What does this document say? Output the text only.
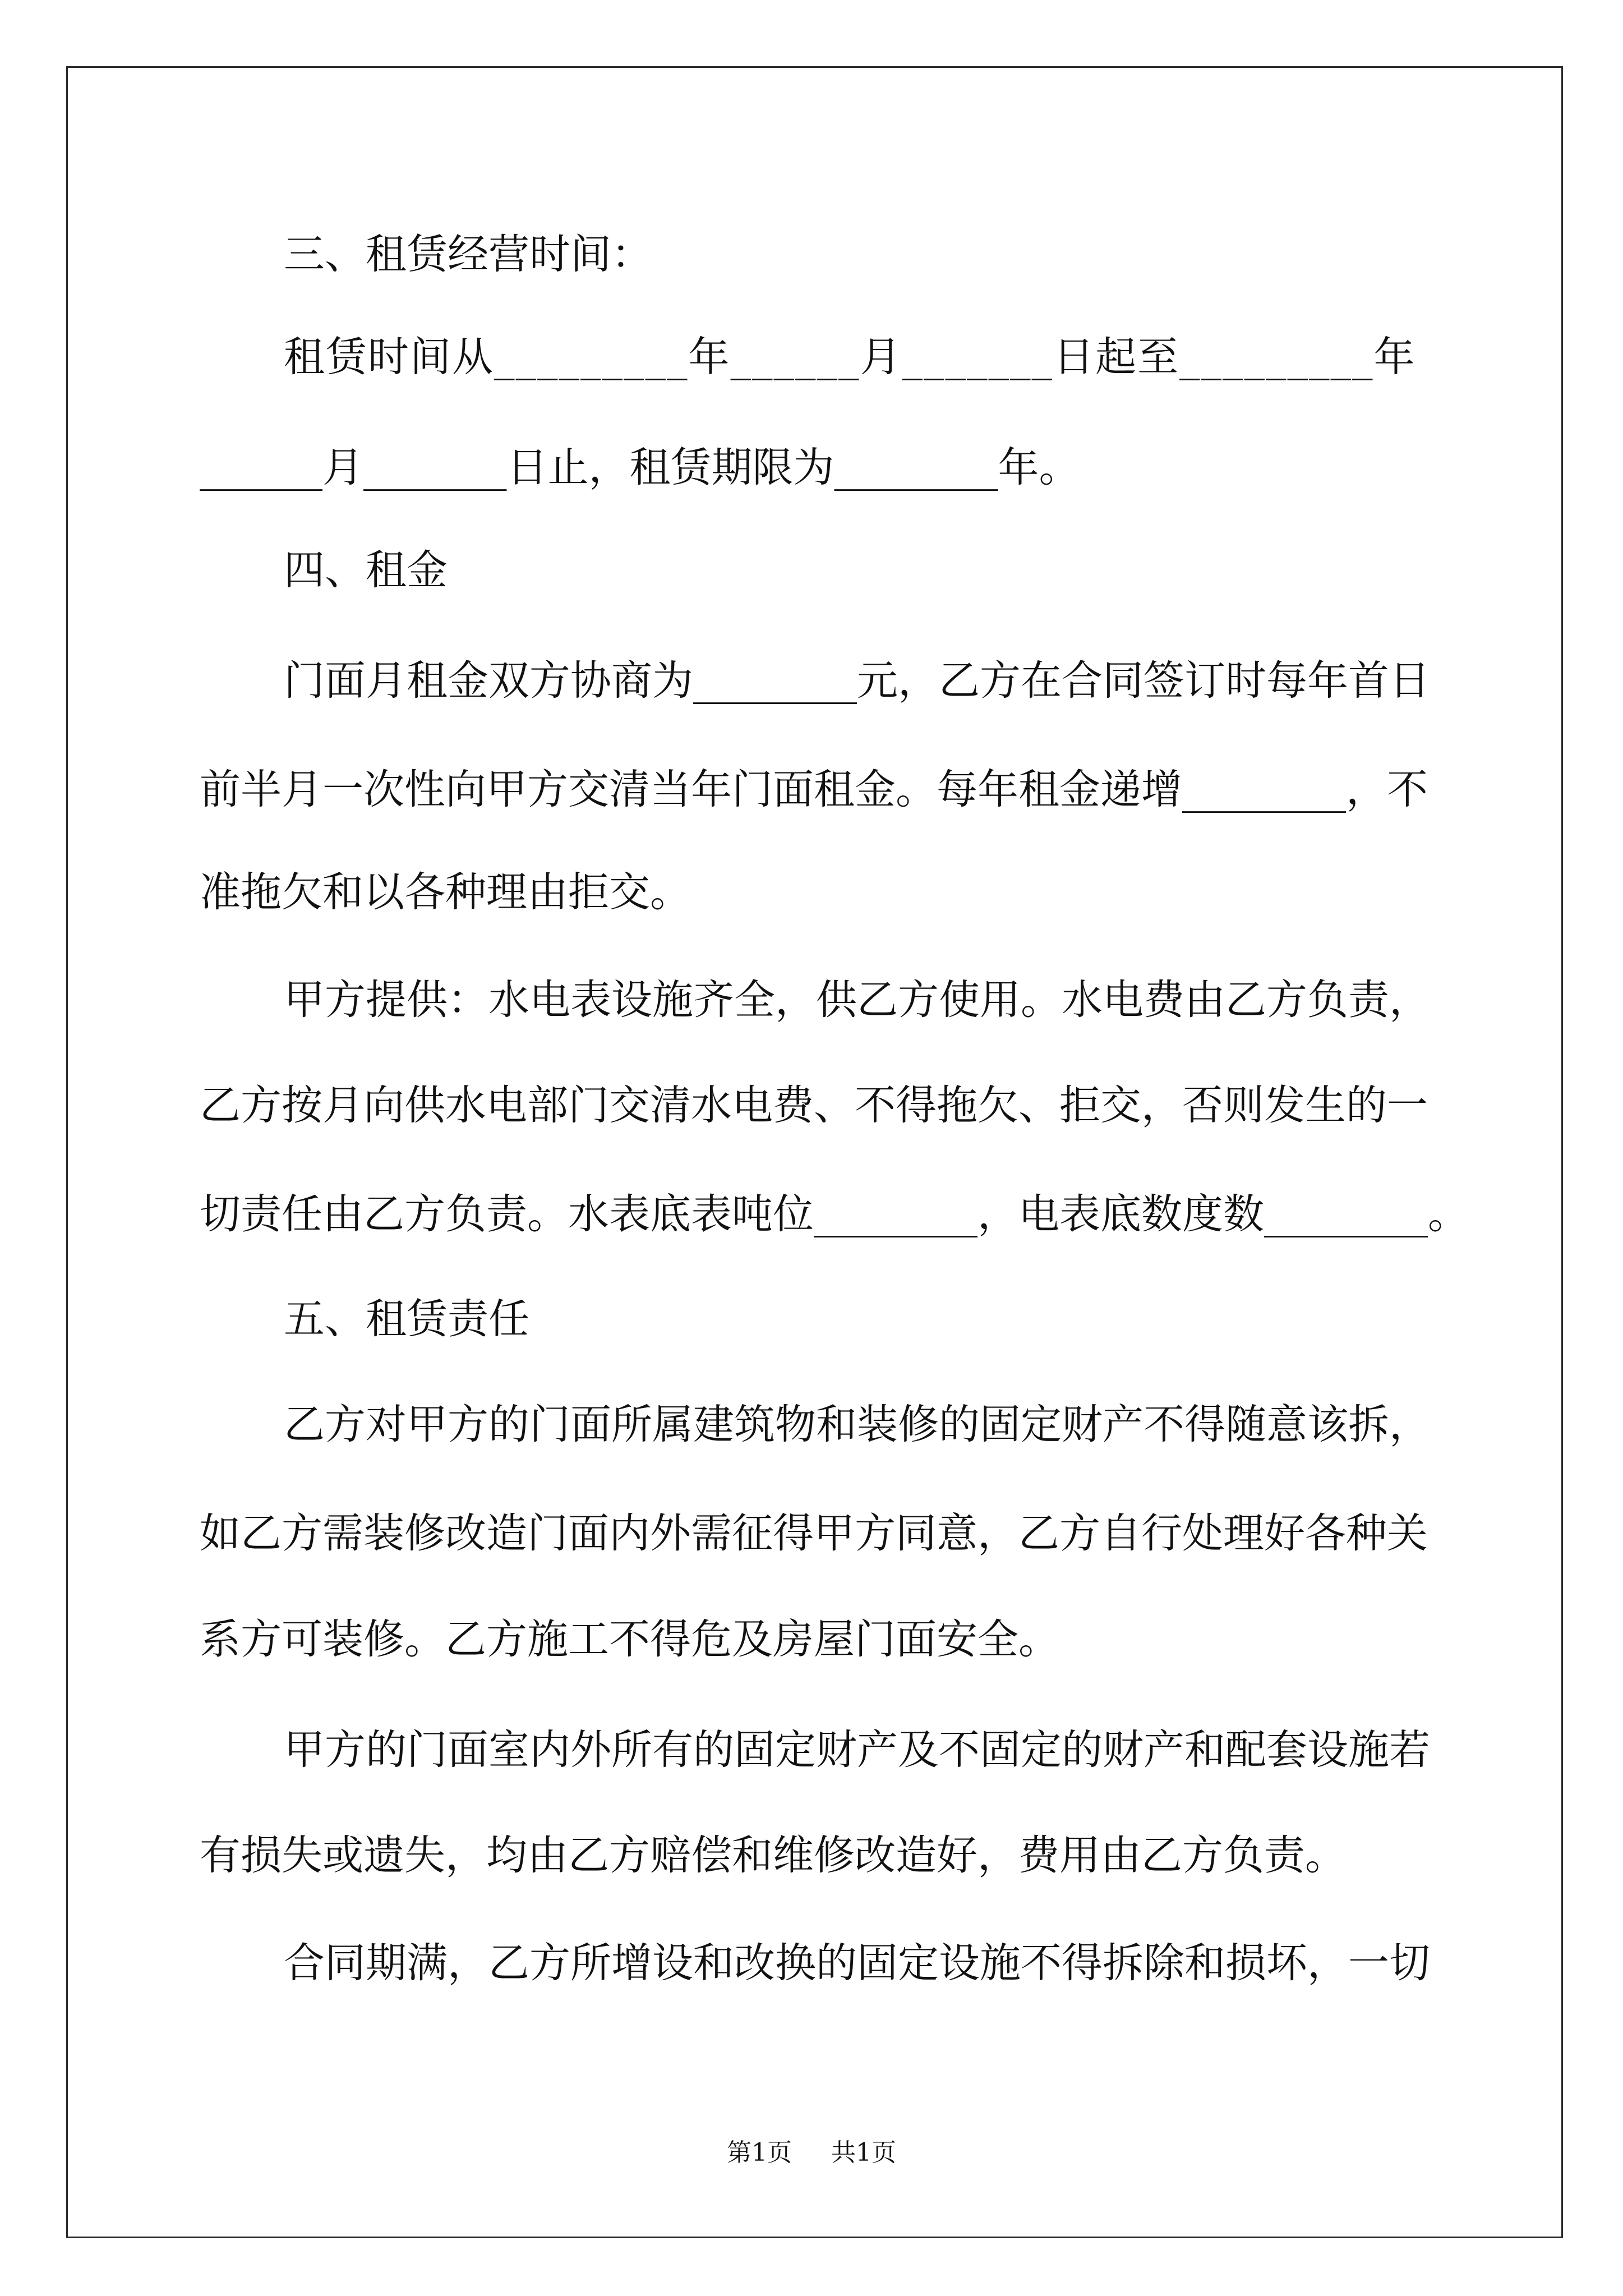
三、租赁经营时间：
租赁时间从_________年______月_______日起至_________年
______月_______日止，租赁期限为________年。
四、租金
门面月租金双方协商为________元，乙方在合同签订时每年首日
前半月一次性向甲方交清当年门面租金。每年租金递增________，不
准拖欠和以各种理由拒交。
甲方提供：水电表设施齐全，供乙方使用。水电费由乙方负责，
乙方按月向供水电部门交清水电费、不得拖欠、拒交，否则发生的一
切责任由乙方负责。水表底表吨位________，电表底数度数________。
五、租赁责任
乙方对甲方的门面所属建筑物和装修的固定财产不得随意该拆，
如乙方需装修改造门面内外需征得甲方同意，乙方自行处理好各种关
系方可装修。乙方施工不得危及房屋门面安全。
甲方的门面室内外所有的固定财产及不固定的财产和配套设施若
有损失或遗失，均由乙方赔偿和维修改造好，费用由乙方负责。
合同期满，乙方所增设和改换的固定设施不得拆除和损坏，一切
第1页 共1页
